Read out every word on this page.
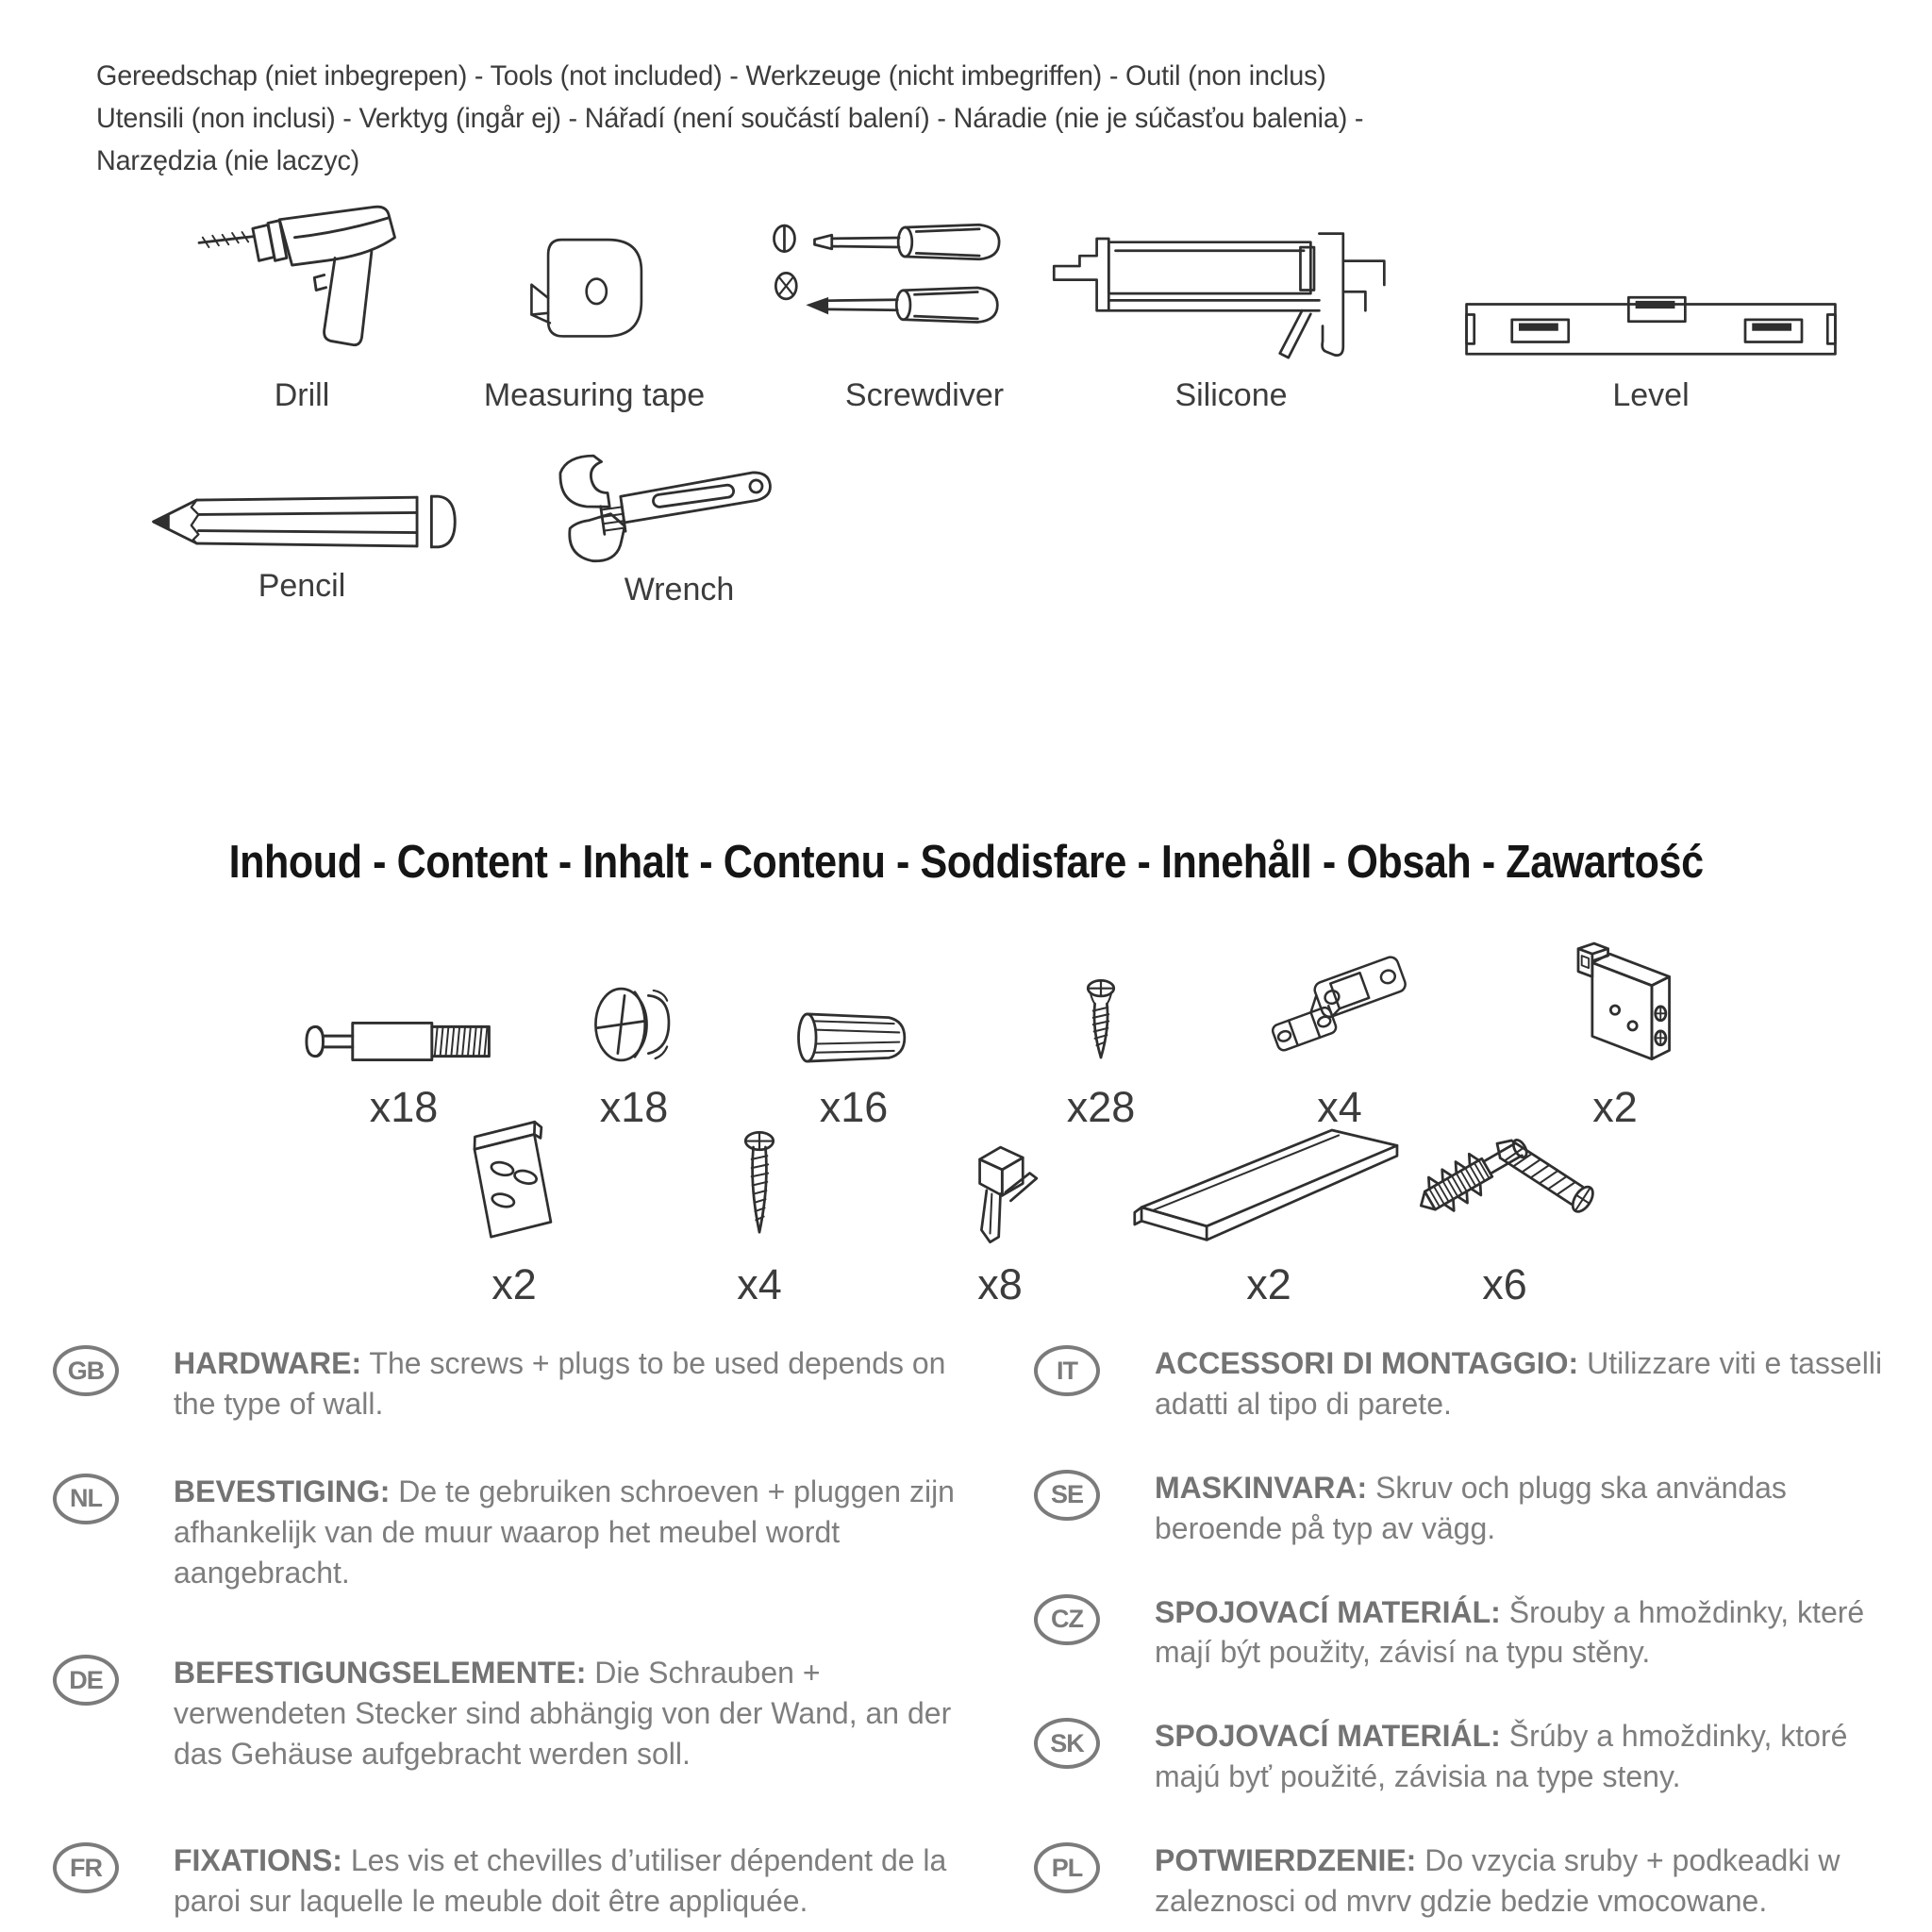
Gereedschap (niet inbegrepen) - Tools (not included) - Werkzeuge (nicht imbegriffen) - Outil (non inclus)
Utensili (non inclusi) - Verktyg (ingår ej) - Nářadí (není součástí balení) - Náradie (nie je súčasťou balenia) -
Narzędzia (nie laczyc)
Drill	Measuring tape	Screwdiver	Silicone	Level
Pencil	Wrench
Inhoud - Content - Inhalt - Contenu - Soddisfare - Innehåll - Obsah - Zawartość
x18	x18	x16	x28	x4	x2
x2	x4	x8	x2	x6
GB	HARDWARE: The screws + plugs to be used depends on the type of wall.
NL	BEVESTIGING: De te gebruiken schroeven + pluggen zijn afhankelijk van de muur waarop het meubel wordt aangebracht.
DE	BEFESTIGUNGSELEMENTE: Die Schrauben + verwendeten Stecker sind abhängig von der Wand, an der das Gehäuse aufgebracht werden soll.
FR	FIXATIONS: Les vis et chevilles d’utiliser dépendent de la paroi sur laquelle le meuble doit être appliquée.
IT	ACCESSORI DI MONTAGGIO: Utilizzare viti e tasselli adatti al tipo di parete.
SE	MASKINVARA: Skruv och plugg ska användas beroende på typ av vägg.
CZ	SPOJOVACÍ MATERIÁL: Šrouby a hmoždinky, které mají být použity, závisí na typu stěny.
SK	SPOJOVACÍ MATERIÁL: Šrúby a hmoždinky, ktoré majú byť použité, závisia na type steny.
PL	POTWIERDZENIE: Do vzycia sruby + podkeadki w zaleznosci od mvrv gdzie bedzie vmocowane.
